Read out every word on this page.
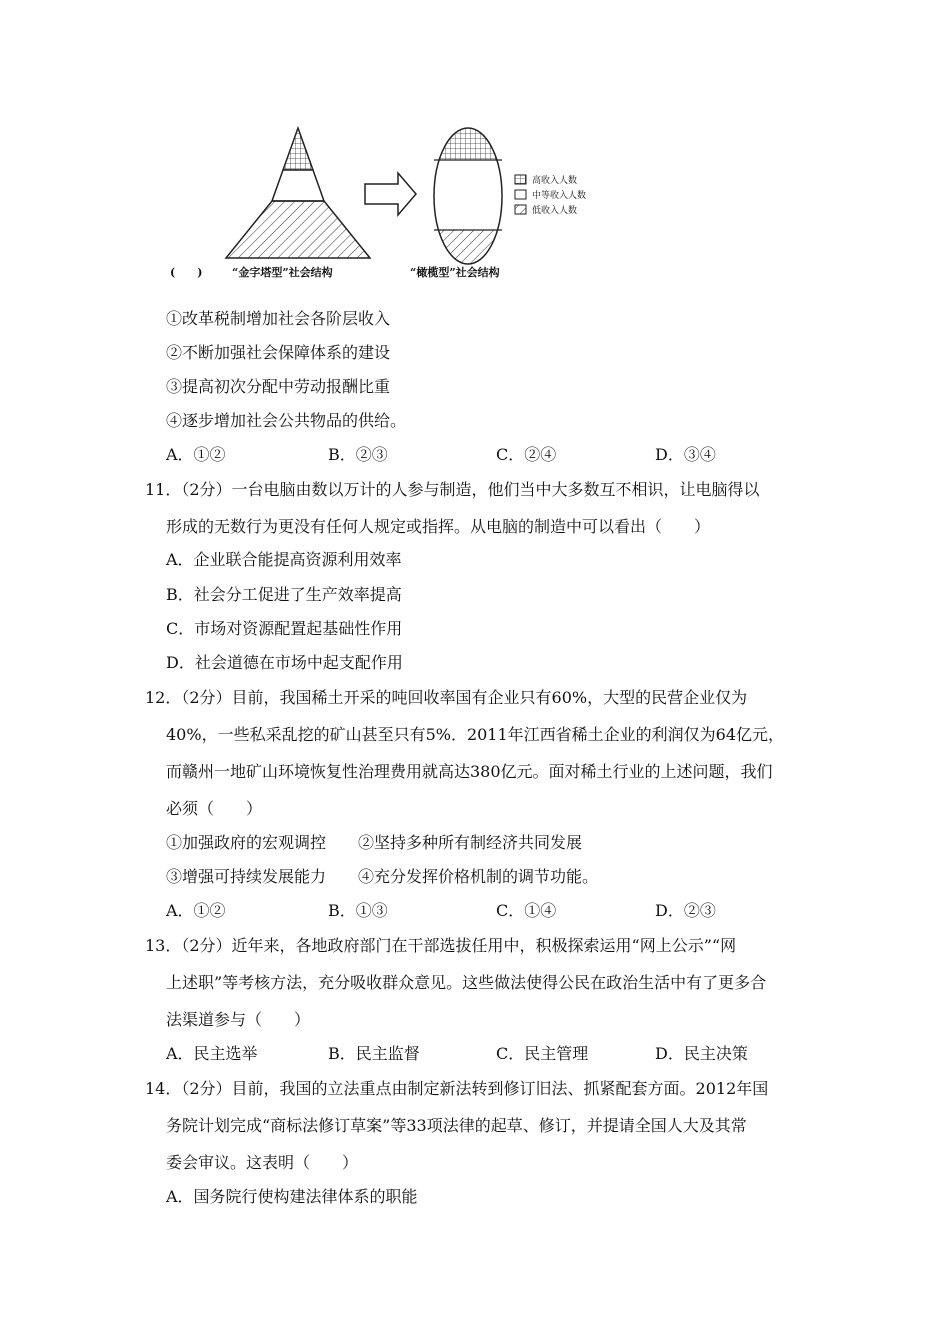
高收入人数
中等收入人数
低收入人数
(　　)	“金字塔型”社会结构	“橄榄型”社会结构
①改革税制增加社会各阶层收入
②不断加强社会保障体系的建设
③提高初次分配中劳动报酬比重
④逐步增加社会公共物品的供给。
A．①②	B．②③	C．②④	D．③④
11．（2分）一台电脑由数以万计的人参与制造，他们当中大多数互不相识，让电脑得以
形成的无数行为更没有任何人规定或指挥。从电脑的制造中可以看出（　　）
A．企业联合能提高资源利用效率
B．社会分工促进了生产效率提高
C．市场对资源配置起基础性作用
D．社会道德在市场中起支配作用
12．（2分）目前，我国稀土开采的吨回收率国有企业只有60%，大型的民营企业仅为
40%，一些私采乱挖的矿山甚至只有5%．2011年江西省稀土企业的利润仅为64亿元，
而赣州一地矿山环境恢复性治理费用就高达380亿元。面对稀土行业的上述问题，我们
必须（　　）
①加强政府的宏观调控　　②坚持多种所有制经济共同发展
③增强可持续发展能力　　④充分发挥价格机制的调节功能。
A．①②	B．①③	C．①④	D．②③
13．（2分）近年来，各地政府部门在干部选拔任用中，积极探索运用“网上公示”“网
上述职”等考核方法，充分吸收群众意见。这些做法使得公民在政治生活中有了更多合
法渠道参与（　　）
A．民主选举	B．民主监督	C．民主管理	D．民主决策
14．（2分）目前，我国的立法重点由制定新法转到修订旧法、抓紧配套方面。2012年国
务院计划完成“商标法修订草案”等33项法律的起草、修订，并提请全国人大及其常
委会审议。这表明（　　）
A．国务院行使构建法律体系的职能
